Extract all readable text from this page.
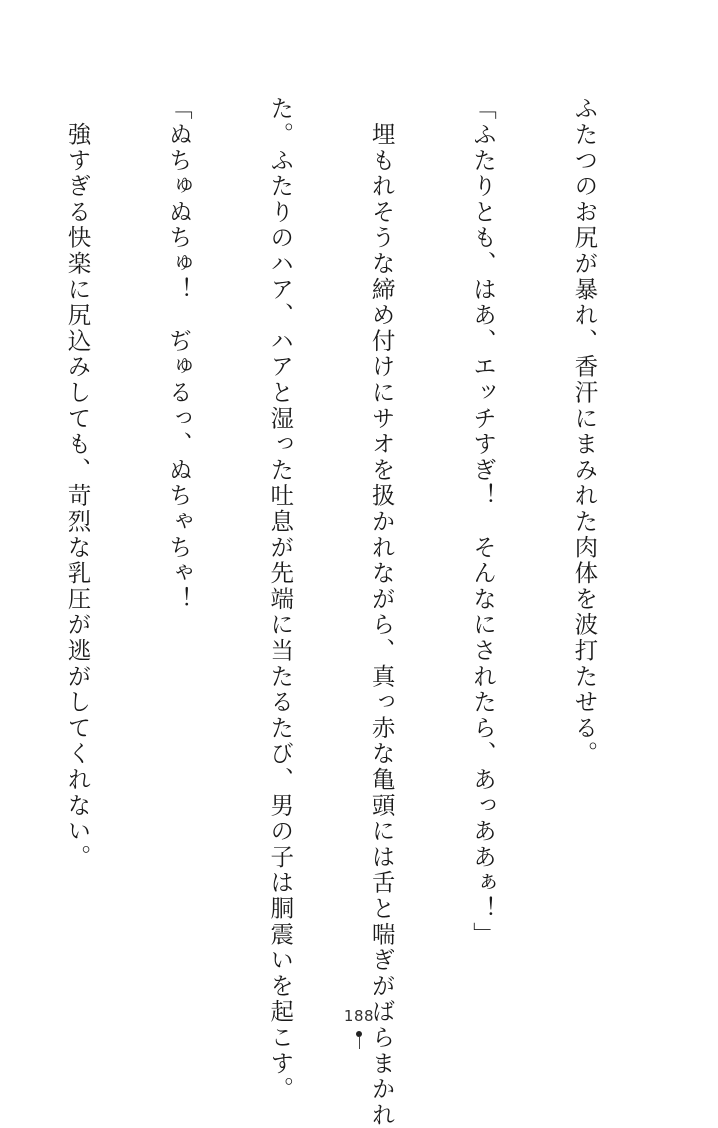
ふたつのお尻が暴れ、香汗にまみれた肉体を波打たせる。

「ふたりとも、はあ、エッチすぎ！　そんなにされたら、あっああぁ！」

　埋もれそうな締め付けにサオを扱かれながら、真っ赤な亀頭には舌と喘ぎがばらまかれ

た。ふたりのハア、ハアと湿った吐息が先端に当たるたび、男の子は胴震いを起こす。

「ぬちゅぬちゅ！　ぢゅるっ、ぬちゃちゃ！

　強すぎる快楽に尻込みしても、苛烈な乳圧が逃がしてくれない。

188
